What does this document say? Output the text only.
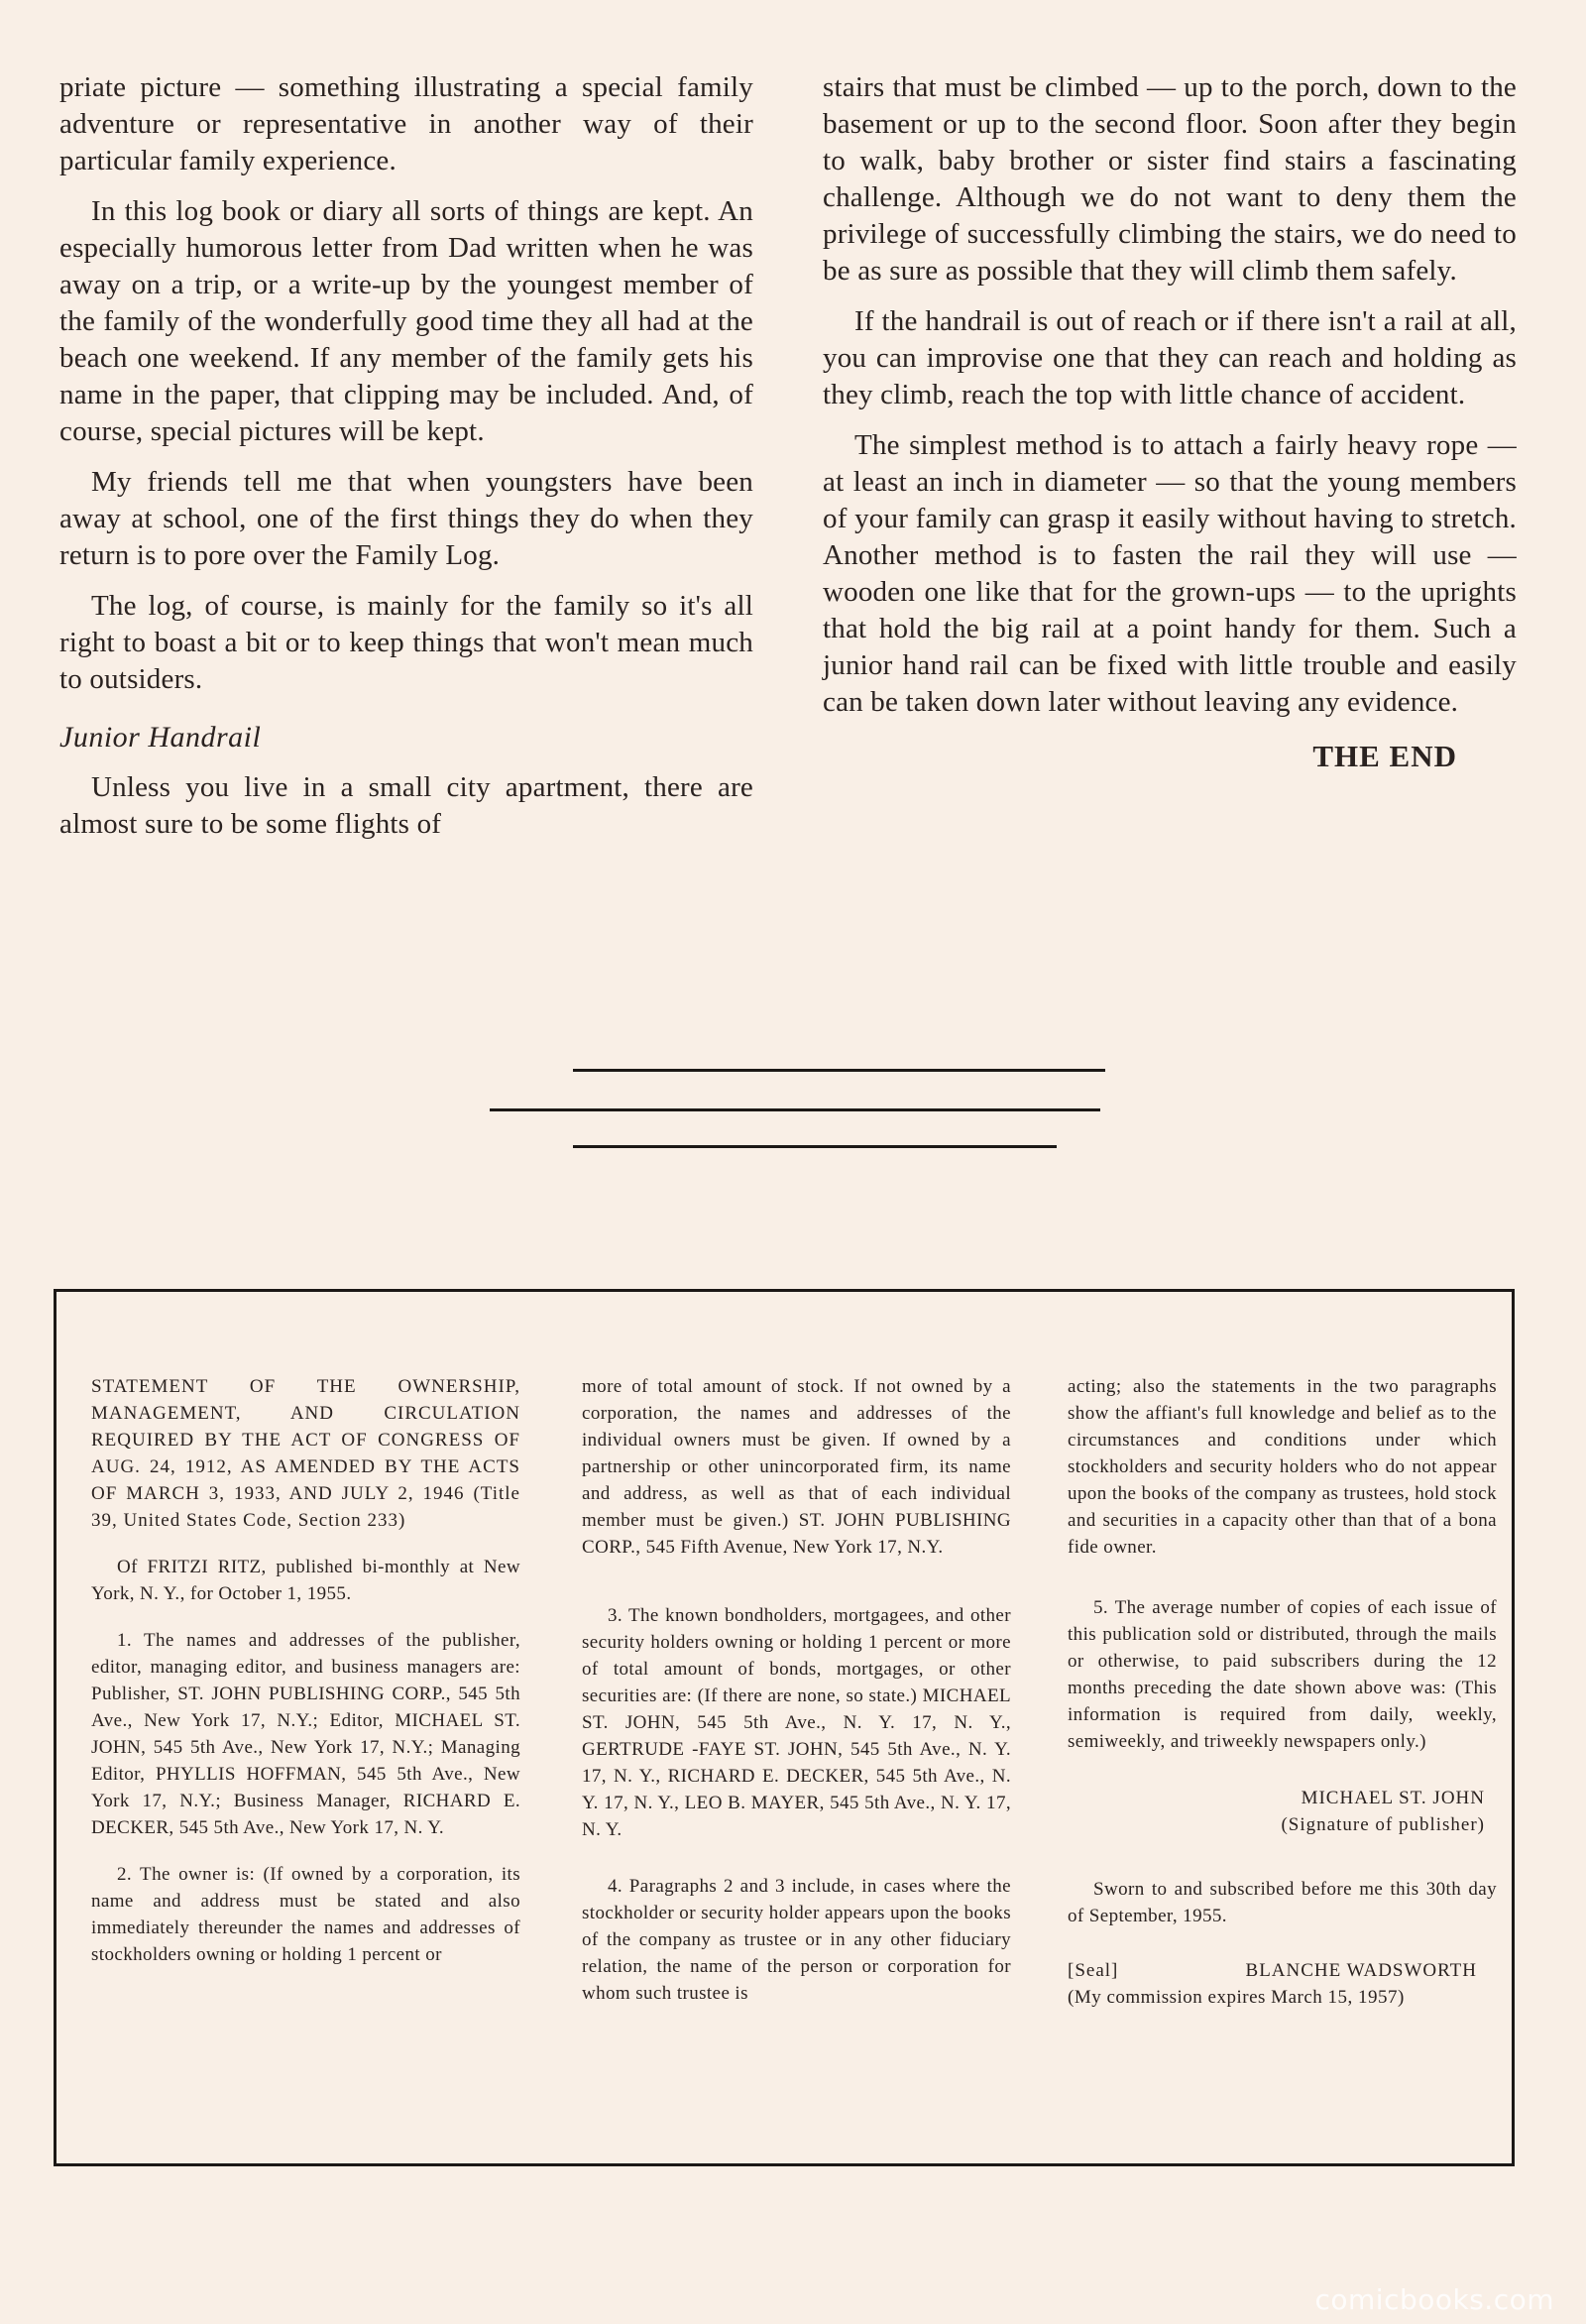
priate picture — something illustrating a special family adventure or representative in another way of their particular family experience.

In this log book or diary all sorts of things are kept. An especially humorous letter from Dad written when he was away on a trip, or a write-up by the youngest member of the family of the wonderfully good time they all had at the beach one weekend. If any member of the family gets his name in the paper, that clipping may be included. And, of course, special pictures will be kept.

My friends tell me that when youngsters have been away at school, one of the first things they do when they return is to pore over the Family Log.

The log, of course, is mainly for the family so it's all right to boast a bit or to keep things that won't mean much to outsiders.

Junior Handrail

Unless you live in a small city apartment, there are almost sure to be some flights of

stairs that must be climbed — up to the porch, down to the basement or up to the second floor. Soon after they begin to walk, baby brother or sister find stairs a fascinating challenge. Although we do not want to deny them the privilege of successfully climbing the stairs, we do need to be as sure as possible that they will climb them safely.

If the handrail is out of reach or if there isn't a rail at all, you can improvise one that they can reach and holding as they climb, reach the top with little chance of accident.

The simplest method is to attach a fairly heavy rope — at least an inch in diameter — so that the young members of your family can grasp it easily without having to stretch. Another method is to fasten the rail they will use — wooden one like that for the grown-ups — to the uprights that hold the big rail at a point handy for them. Such a junior hand rail can be fixed with little trouble and easily can be taken down later without leaving any evidence.

THE END

STATEMENT OF THE OWNERSHIP, MANAGEMENT, AND CIRCULATION REQUIRED BY THE ACT OF CONGRESS OF AUG. 24, 1912, AS AMENDED BY THE ACTS OF MARCH 3, 1933, AND JULY 2, 1946 (Title 39, United States Code, Section 233)

Of FRITZI RITZ, published bi-monthly at New York, N. Y., for October 1, 1955.

1. The names and addresses of the publisher, editor, managing editor, and business managers are: Publisher, ST. JOHN PUBLISHING CORP., 545 5th Ave., New York 17, N.Y.; Editor, MICHAEL ST. JOHN, 545 5th Ave., New York 17, N.Y.; Managing Editor, PHYLLIS HOFFMAN, 545 5th Ave., New York 17, N.Y.; Business Manager, RICHARD E. DECKER, 545 5th Ave., New York 17, N. Y.

2. The owner is: (If owned by a corporation, its name and address must be stated and also immediately thereunder the names and addresses of stockholders owning or holding 1 percent or

more of total amount of stock. If not owned by a corporation, the names and addresses of the individual owners must be given. If owned by a partnership or other unincorporated firm, its name and address, as well as that of each individual member must be given.) ST. JOHN PUBLISHING CORP., 545 Fifth Avenue, New York 17, N.Y.

3. The known bondholders, mortgagees, and other security holders owning or holding 1 percent or more of total amount of bonds, mortgages, or other securities are: (If there are none, so state.) MICHAEL ST. JOHN, 545 5th Ave., N. Y. 17, N. Y., GERTRUDE -FAYE ST. JOHN, 545 5th Ave., N. Y. 17, N. Y., RICHARD E. DECKER, 545 5th Ave., N. Y. 17, N. Y., LEO B. MAYER, 545 5th Ave., N. Y. 17, N. Y.

4. Paragraphs 2 and 3 include, in cases where the stockholder or security holder appears upon the books of the company as trustee or in any other fiduciary relation, the name of the person or corporation for whom such trustee is

acting; also the statements in the two paragraphs show the affiant's full knowledge and belief as to the circumstances and conditions under which stockholders and security holders who do not appear upon the books of the company as trustees, hold stock and securities in a capacity other than that of a bona fide owner.

5. The average number of copies of each issue of this publication sold or distributed, through the mails or otherwise, to paid subscribers during the 12 months preceding the date shown above was: (This information is required from daily, weekly, semiweekly, and triweekly newspapers only.)

MICHAEL ST. JOHN
(Signature of publisher)

Sworn to and subscribed before me this 30th day of September, 1955.

[Seal]	BLANCHE WADSWORTH
(My commission expires March 15, 1957)
comicbooks.com
